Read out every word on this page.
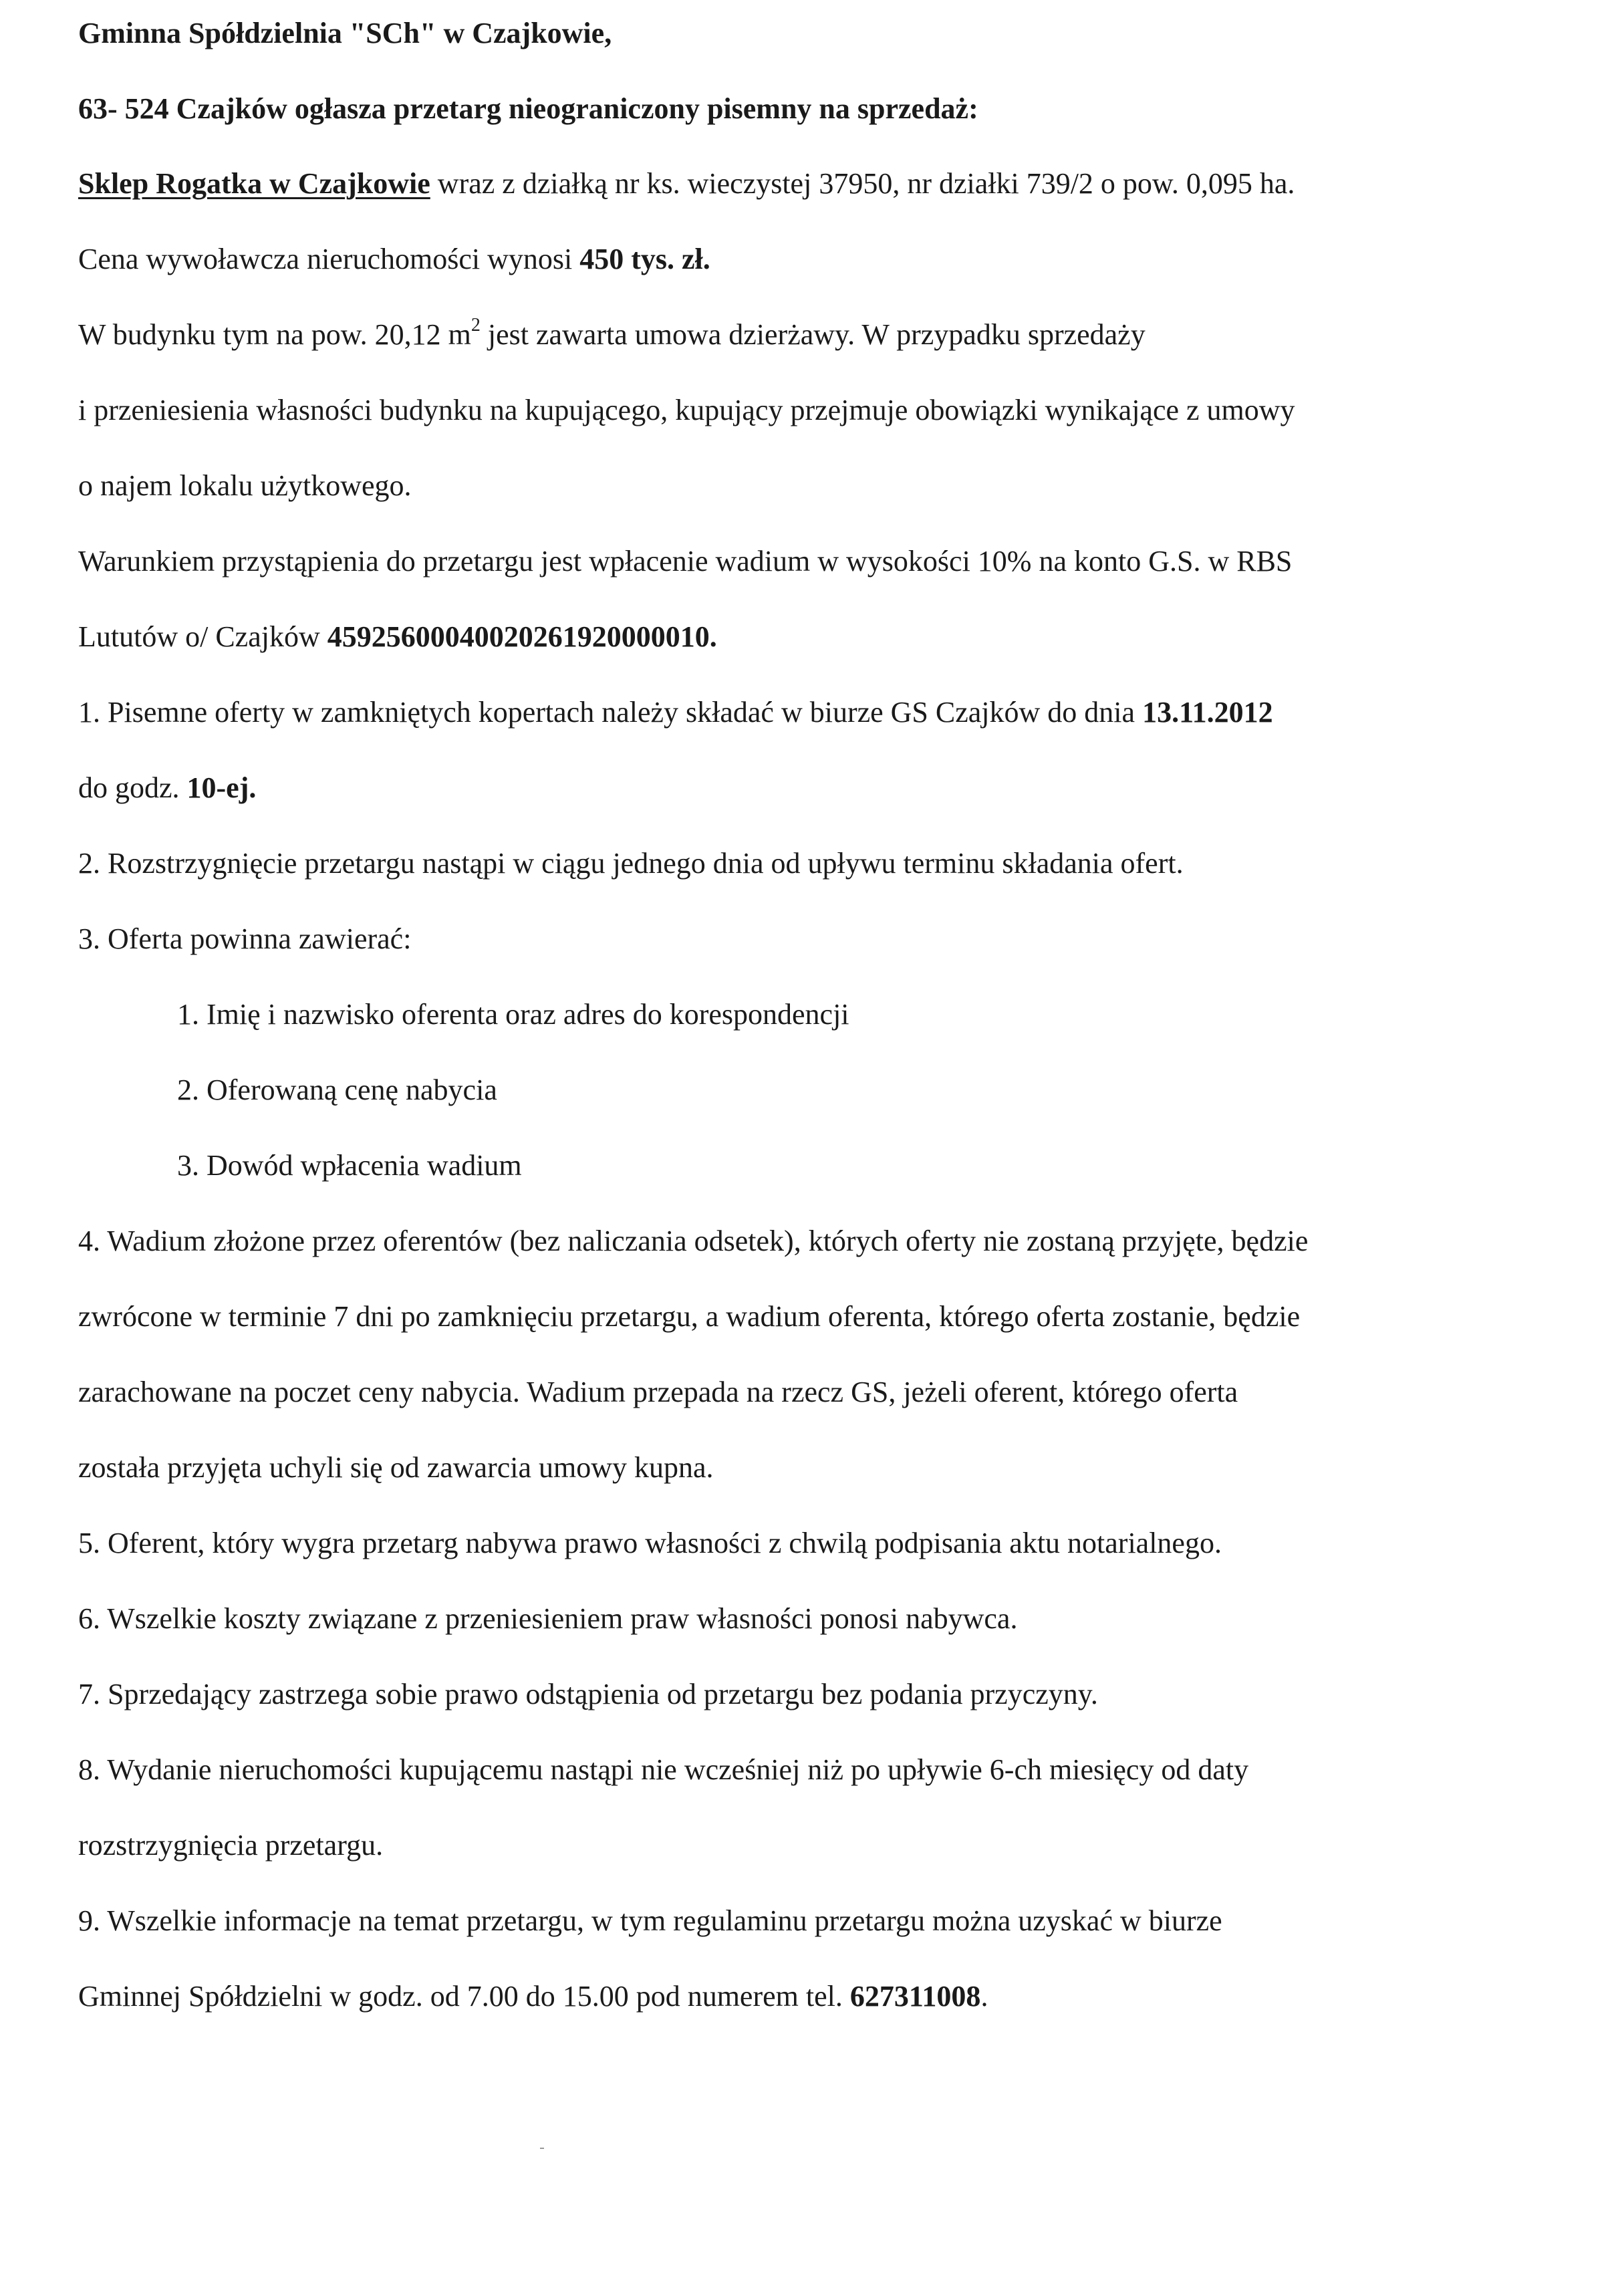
Gminna Spółdzielnia "SCh" w Czajkowie,
63- 524 Czajków ogłasza przetarg nieograniczony pisemny na sprzedaż:
Sklep Rogatka w Czajkowie wraz z działką nr ks. wieczystej 37950, nr działki 739/2 o pow. 0,095 ha.
Cena wywoławcza nieruchomości wynosi 450 tys. zł.
W budynku tym na pow. 20,12 $m^2$ jest zawarta umowa dzierżawy. W przypadku sprzedaży
i przeniesienia własności budynku na kupującego, kupujący przejmuje obowiązki wynikające z umowy
o najem lokalu użytkowego.
Warunkiem przystąpienia do przetargu jest wpłacenie wadium w wysokości 10% na konto G.S. w RBS
Lututów o/ Czajków 45925600040020261920000010.
1. Pisemne oferty w zamkniętych kopertach należy składać w biurze GS Czajków do dnia 13.11.2012
do godz. 10-ej.
2. Rozstrzygnięcie przetargu nastąpi w ciągu jednego dnia od upływu terminu składania ofert.
3. Oferta powinna zawierać:
1. Imię i nazwisko oferenta oraz adres do korespondencji
2. Oferowaną cenę nabycia
3. Dowód wpłacenia wadium
4. Wadium złożone przez oferentów (bez naliczania odsetek), których oferty nie zostaną przyjęte, będzie
zwrócone w terminie 7 dni po zamknięciu przetargu, a wadium oferenta, którego oferta zostanie, będzie
zarachowane na poczet ceny nabycia. Wadium przepada na rzecz GS, jeżeli oferent, którego oferta
została przyjęta uchyli się od zawarcia umowy kupna.
5. Oferent, który wygra przetarg nabywa prawo własności z chwilą podpisania aktu notarialnego.
6. Wszelkie koszty związane z przeniesieniem praw własności ponosi nabywca.
7. Sprzedający zastrzega sobie prawo odstąpienia od przetargu bez podania przyczyny.
8. Wydanie nieruchomości kupującemu nastąpi nie wcześniej niż po upływie 6-ch miesięcy od daty
rozstrzygnięcia przetargu.
9. Wszelkie informacje na temat przetargu, w tym regulaminu przetargu można uzyskać w biurze
Gminnej Spółdzielni w godz. od 7.00 do 15.00 pod numerem tel. 627311008.
